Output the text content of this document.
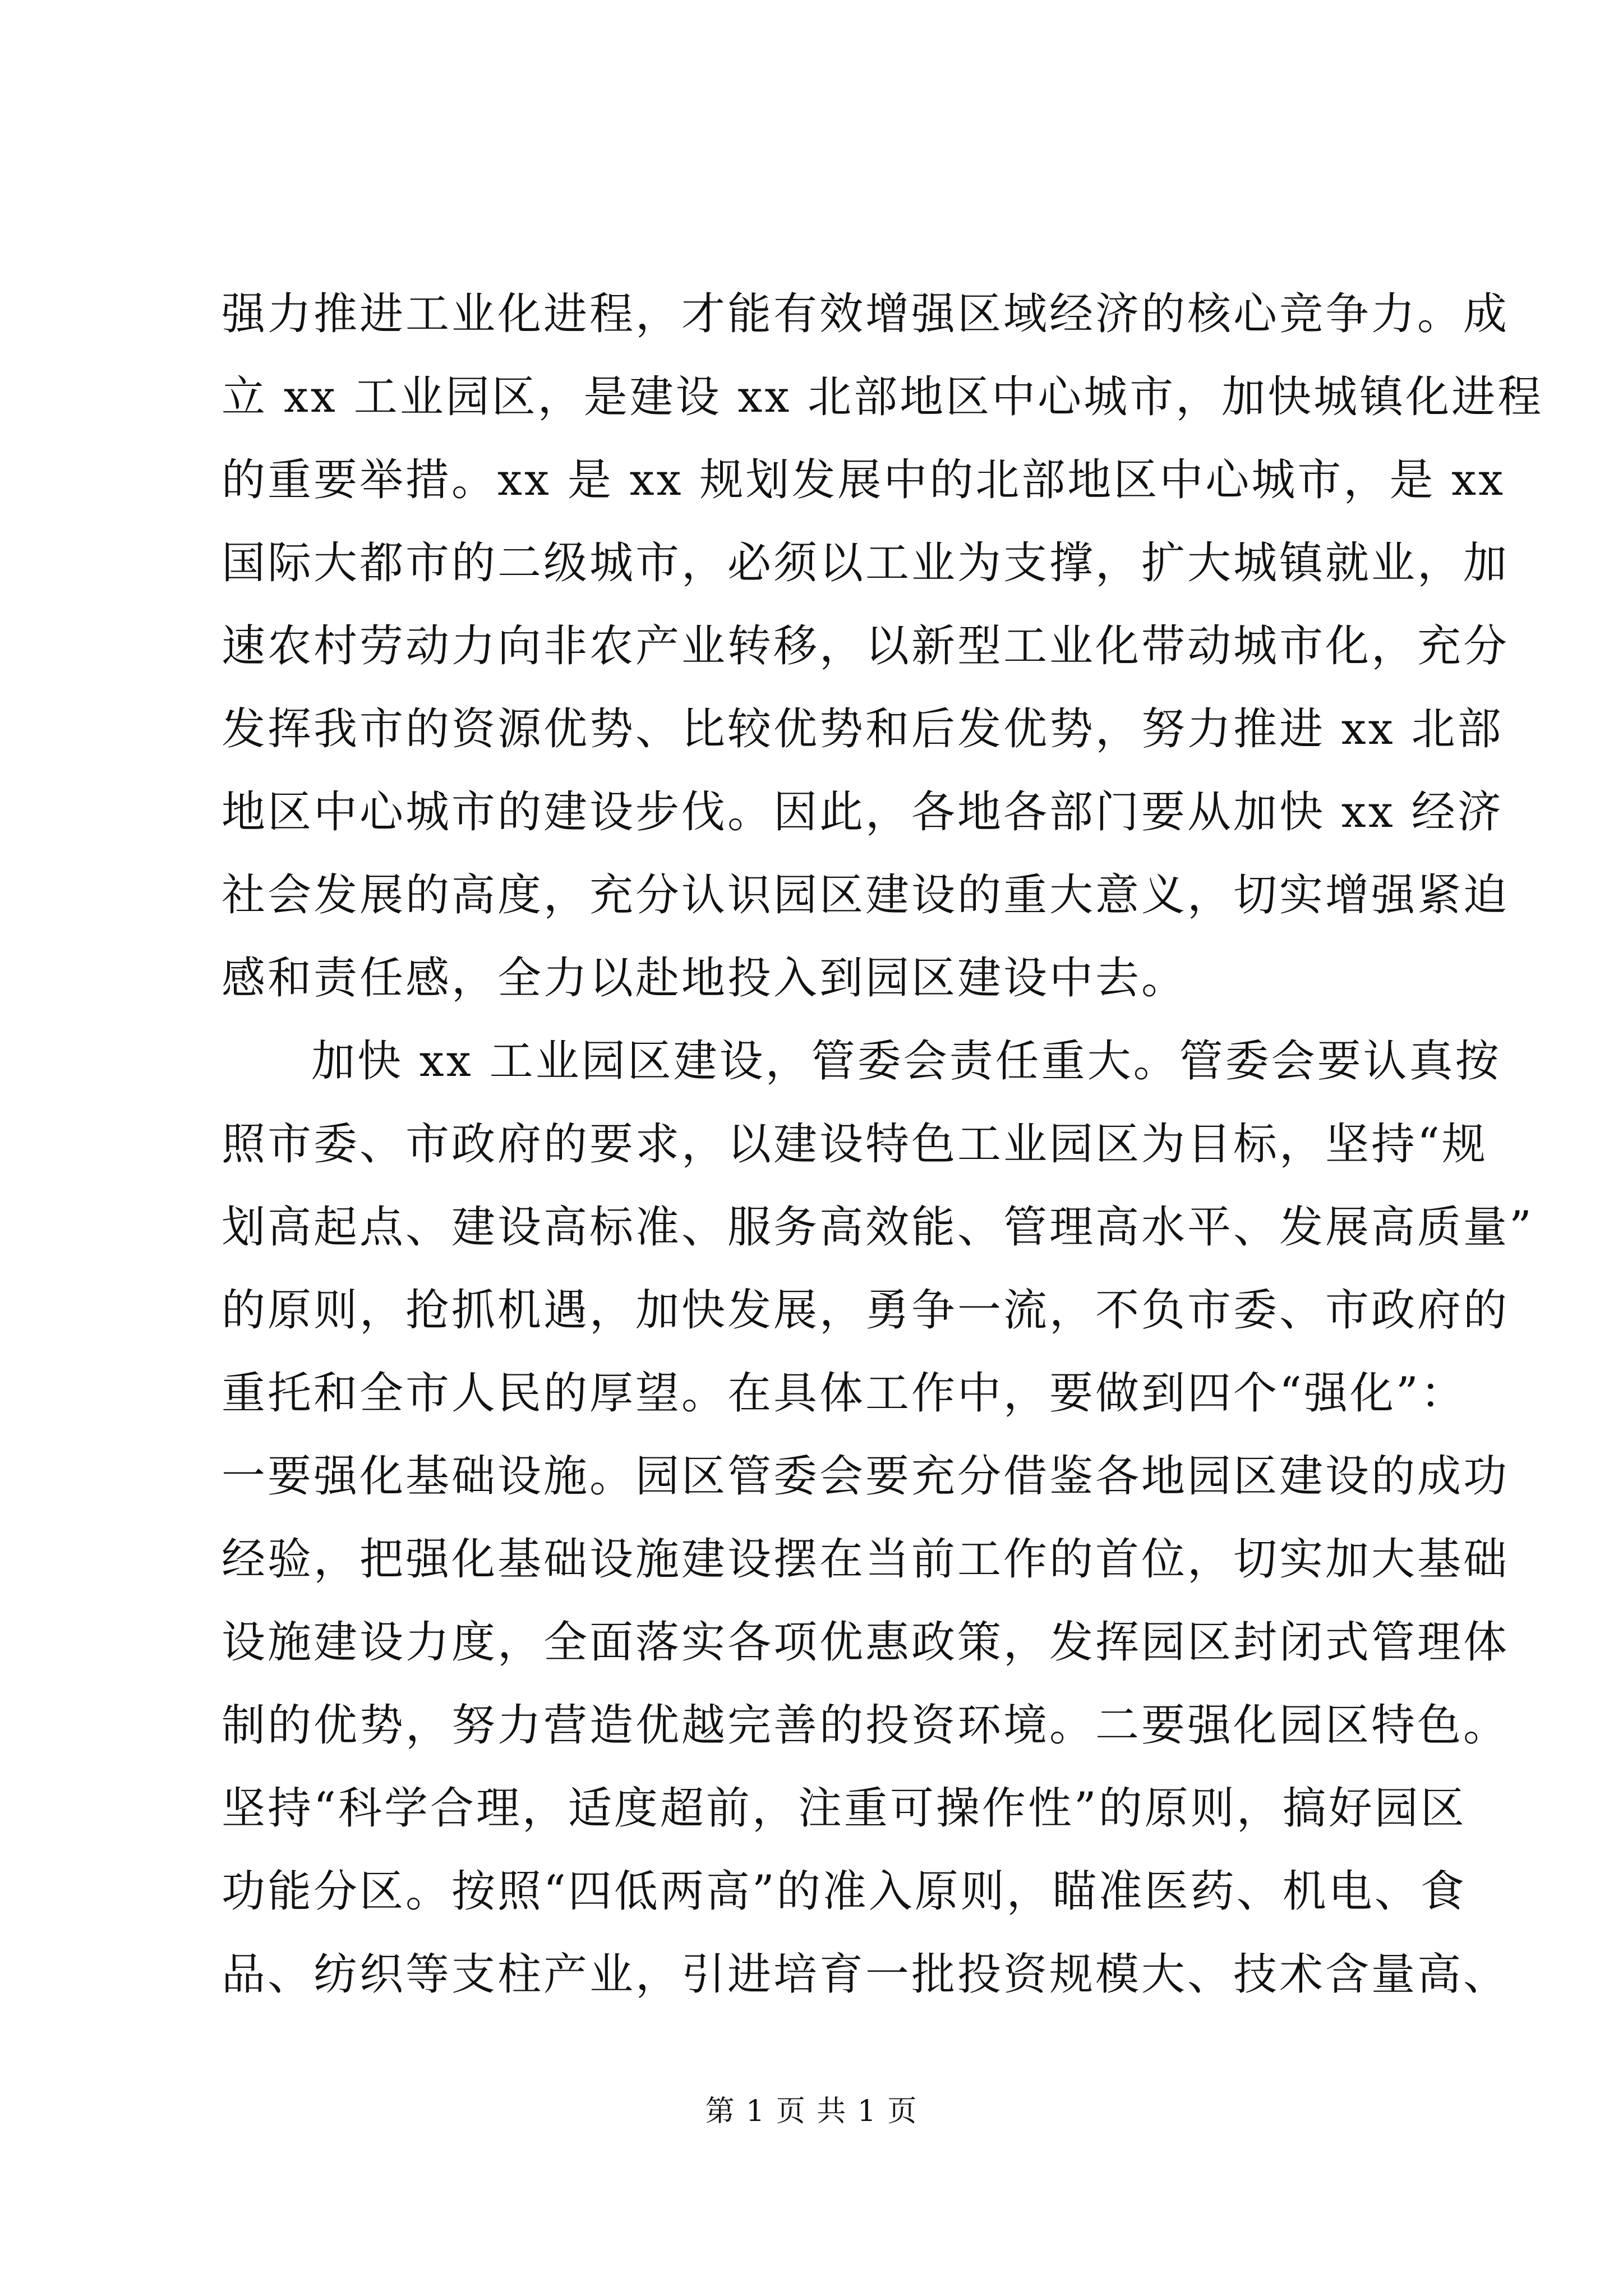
强力推进工业化进程，才能有效增强区域经济的核心竞争力。成
立 xx 工业园区，是建设 xx 北部地区中心城市，加快城镇化进程
的重要举措。xx 是 xx 规划发展中的北部地区中心城市，是 xx
国际大都市的二级城市，必须以工业为支撑，扩大城镇就业，加
速农村劳动力向非农产业转移，以新型工业化带动城市化，充分
发挥我市的资源优势、比较优势和后发优势，努力推进 xx 北部
地区中心城市的建设步伐。因此，各地各部门要从加快 xx 经济
社会发展的高度，充分认识园区建设的重大意义，切实增强紧迫
感和责任感，全力以赴地投入到园区建设中去。
加快 xx 工业园区建设，管委会责任重大。管委会要认真按
照市委、市政府的要求，以建设特色工业园区为目标，坚持“规
划高起点、建设高标准、服务高效能、管理高水平、发展高质量”
的原则，抢抓机遇，加快发展，勇争一流，不负市委、市政府的
重托和全市人民的厚望。在具体工作中，要做到四个“强化”：
一要强化基础设施。园区管委会要充分借鉴各地园区建设的成功
经验，把强化基础设施建设摆在当前工作的首位，切实加大基础
设施建设力度，全面落实各项优惠政策，发挥园区封闭式管理体
制的优势，努力营造优越完善的投资环境。二要强化园区特色。
坚持“科学合理，适度超前，注重可操作性”的原则，搞好园区
功能分区。按照“四低两高”的准入原则，瞄准医药、机电、食
品、纺织等支柱产业，引进培育一批投资规模大、技术含量高、
第 1 页 共 1 页
